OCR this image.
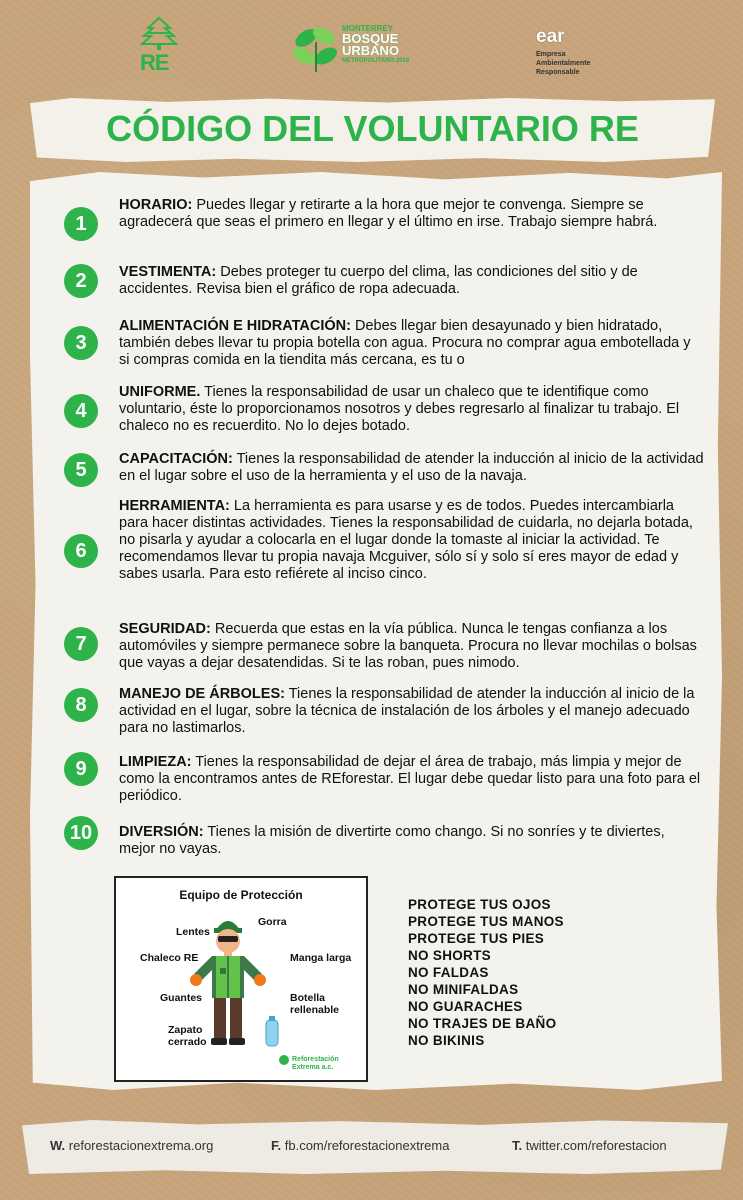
RE
MONTERREY
BOSQUE
URBANO
METROPOLITANO 2018
ear
Empresa
Ambientalmente
Responsable
CÓDIGO DEL VOLUNTARIO RE
1
HORARIO: Puedes llegar y retirarte a la hora que mejor te convenga. Siempre se agradecerá que seas el primero en llegar y el último en irse. Trabajo siempre habrá.
2	VESTIMENTA: Debes proteger tu cuerpo del clima, las condiciones del sitio y de accidentes. Revisa bien el gráfico de ropa adecuada.
3
ALIMENTACIÓN E HIDRATACIÓN: Debes llegar bien desayunado y bien hidratado, también debes llevar tu propia botella con agua. Procura no comprar agua embotellada y si compras comida en la tiendita más cercana, es tu o
4
UNIFORME. Tienes la responsabilidad de usar un chaleco que te identifique como voluntario, éste lo proporcionamos nosotros y debes regresarlo al finalizar tu trabajo. El chaleco no es recuerdito. No lo dejes botado.
5	CAPACITACIÓN: Tienes la responsabilidad de atender la inducción al inicio de la actividad en el lugar sobre el uso de la herramienta y el uso de la navaja.
6
HERRAMIENTA: La herramienta es para usarse y es de todos. Puedes intercambiarla para hacer distintas actividades. Tienes la responsabilidad de cuidarla, no dejarla botada, no pisarla y ayudar a colocarla en el lugar donde la tomaste al iniciar la actividad. Te recomendamos llevar tu propia navaja Mcguiver, sólo sí y solo sí eres mayor de edad y sabes usarla. Para esto refiérete al inciso cinco.
7
SEGURIDAD: Recuerda que estas en la vía pública. Nunca le tengas confianza a los automóviles y siempre permanece sobre la banqueta. Procura no llevar mochilas o bolsas que vayas a dejar desatendidas. Si te las roban, pues nimodo.
8	MANEJO DE ÁRBOLES: Tienes la responsabilidad de atender la inducción al inicio de la actividad en el lugar, sobre la técnica de instalación de los árboles y el manejo adecuado para no lastimarlos.
9	LIMPIEZA: Tienes la responsabilidad de dejar el área de trabajo, más limpia y mejor de como la encontramos antes de REforestar. El lugar debe quedar listo para una foto para el periódico.
10	DIVERSIÓN: Tienes la misión de divertirte como chango. Si no sonríes y te diviertes, mejor no vayas.
Equipo de Protección
Lentes
Gorra
Chaleco RE	Manga larga
Guantes	Botella
rellenable
Zapato
cerrado
Reforestación
Extrema a.c.
PROTEGE TUS OJOS
PROTEGE TUS MANOS
PROTEGE TUS PIES
NO SHORTS
NO FALDAS
NO MINIFALDAS
NO GUARACHES
NO TRAJES DE BAÑO
NO BIKINIS
W. reforestacionextrema.org	F. fb.com/reforestacionextrema	T. twitter.com/reforestacion
